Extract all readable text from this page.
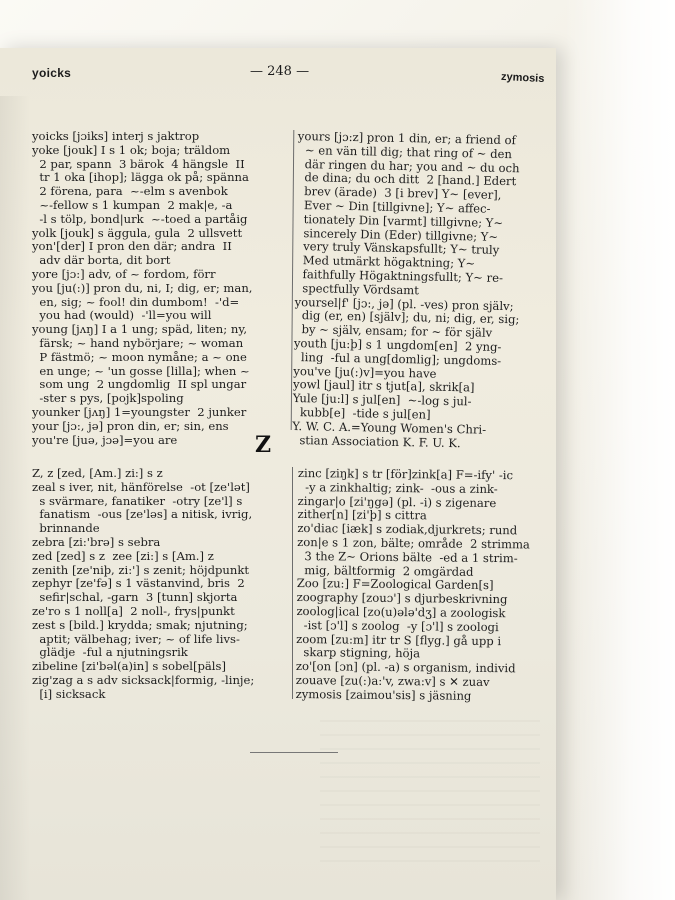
yoicks	— 248 —	zymosis
yoicks [jɔiks] interj s jaktrop
yoke [jouk] I s 1 ok; boja; träldom
2 par, spann  3 bärok  4 hängsle  II
tr 1 oka [ihop]; lägga ok på; spänna
2 förena, para  ~-elm s avenbok
~-fellow s 1 kumpan  2 mak|e, -a
-l s tölp, bond|urk  ~-toed a partåig
yolk [jouk] s äggula, gula  2 ullsvett
yon'[der] I pron den där; andra  II
adv där borta, dit bort
yore [jɔ:] adv, of ~ fordom, förr
you [ju(:)] pron du, ni, I; dig, er; man,
en, sig; ~ fool! din dumbom!  -'d=
you had (would)  -'ll=you will
young [jʌŋ] I a 1 ung; späd, liten; ny,
färsk; ~ hand nybörjare; ~ woman
P fästmö; ~ moon nymåne; a ~ one
en unge; ~ 'un gosse [lilla]; when ~
som ung  2 ungdomlig  II spl ungar
-ster s pys, [pojk]spoling
younker [jʌŋ] 1=youngster  2 junker
your [jɔ:, jə] pron din, er; sin, ens
you're [juə, jɔə]=you are
yours [jɔ:z] pron 1 din, er; a friend of
~ en vän till dig; that ring of ~ den
där ringen du har; you and ~ du och
de dina; du och ditt  2 [hand.] Edert
brev (ärade)  3 [i brev] Y~ [ever],
Ever ~ Din [tillgivne]; Y~ affec-
tionately Din [varmt] tillgivne; Y~
sincerely Din (Eder) tillgivne; Y~
very truly Vänskapsfullt; Y~ truly
Med utmärkt högaktning; Y~
faithfully Högaktningsfullt; Y~ re-
spectfully Vördsamt
yoursel|f' [jɔ:, jə] (pl. -ves) pron själv;
dig (er, en) [själv]; du, ni; dig, er, sig;
by ~ själv, ensam; for ~ för själv
youth [ju:þ] s 1 ungdom[en]  2 yng-
ling  -ful a ung[domlig]; ungdoms-
you've [ju(:)v]=you have
yowl [jaul] itr s tjut[a], skrik[a]
Yule [ju:l] s jul[en]  ~-log s jul-
kubb[e]  -tide s jul[en]
Y. W. C. A.=Young Women's Chri-
stian Association K. F. U. K.
Z
Z, z [zed, [Am.] zi:] s z
zeal s iver, nit, hänförelse  -ot [ze'lət]
s svärmare, fanatiker  -otry [ze'l] s
fanatism  -ous [ze'ləs] a nitisk, ivrig,
brinnande
zebra [zi:'brə] s sebra
zed [zed] s z  zee [zi:] s [Am.] z
zenith [ze'niþ, zi:'] s zenit; höjdpunkt
zephyr [ze'fə] s 1 västanvind, bris  2
sefir|schal, -garn  3 [tunn] skjorta
ze'ro s 1 noll[a]  2 noll-, frys|punkt
zest s [bild.] krydda; smak; njutning;
aptit; välbehag; iver; ~ of life livs-
glädje  -ful a njutningsrik
zibeline [zi'bəl(a)in] s sobel[päls]
zig'zag a s adv sicksack|formig, -linje;
[i] sicksack
zinc [ziŋk] s tr [för]zink[a] F=-ify' -ic
-y a zinkhaltig; zink-  -ous a zink-
zingar|o [zi'ŋgə] (pl. -i) s zigenare
zither[n] [zi'þ] s cittra
zo'diac [iæk] s zodiak,djurkrets; rund
zon|e s 1 zon, bälte; område  2 strimma
3 the Z~ Orions bälte  -ed a 1 strim-
mig, bältformig  2 omgärdad
Zoo [zu:] F=Zoological Garden[s]
zoography [zouɔ'] s djurbeskrivning
zoolog|ical [zo(u)ələ'dʒ] a zoologisk
-ist [ɔ'l] s zoolog  -y [ɔ'l] s zoologi
zoom [zu:m] itr tr S [flyg.] gå upp i
skarp stigning, höja
zo'[on [ɔn] (pl. -a) s organism, individ
zouave [zu(:)a:'v, zwa:v] s ✕ zuav
zymosis [zaimou'sis] s jäsning
